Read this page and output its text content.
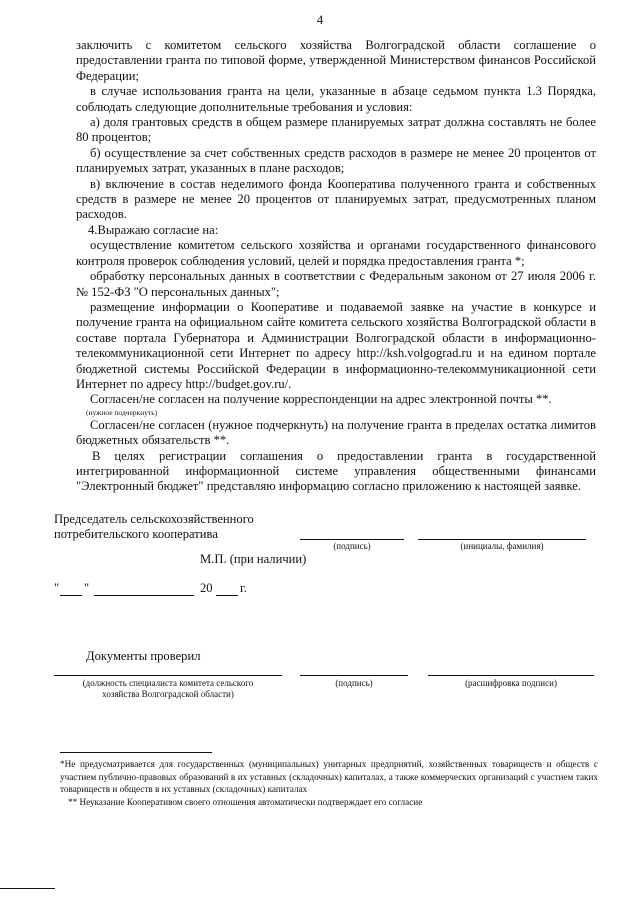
4

заключить с комитетом сельского хозяйства Волгоградской области соглашение о предоставлении гранта по типовой форме, утвержденной Министерством финансов Российской Федерации;

в случае использования гранта на цели, указанные в абзаце седьмом пункта 1.3 Порядка, соблюдать следующие дополнительные требования и условия:

а) доля грантовых средств в общем размере планируемых затрат должна составлять не более 80 процентов;

б) осуществление за счет собственных средств расходов в размере не менее 20 процентов от планируемых затрат, указанных в плане расходов;

в) включение в состав неделимого фонда Кооператива полученного гранта и собственных средств в размере не менее 20 процентов от планируемых затрат, предусмотренных планом расходов.

4.Выражаю согласие на:

осуществление комитетом сельского хозяйства и органами государственного финансового контроля проверок соблюдения условий, целей и порядка предоставления гранта *;

обработку персональных данных в соответствии с Федеральным законом от 27 июля 2006 г. № 152-ФЗ "О персональных данных";

размещение информации о Кооперативе и подаваемой заявке на участие в конкурсе и получение гранта на официальном сайте комитета сельского хозяйства Волгоградской области в составе портала Губернатора и Администрации Волгоградской области в информационно-телекоммуникационной сети Интернет по адресу http://ksh.volgograd.ru и на едином портале бюджетной системы Российской Федерации в информационно-телекоммуникационной сети Интернет по адресу http://budget.gov.ru/.

Согласен/не согласен на получение корреспонденции на адрес электронной почты **.

(нужное подчеркнуть)

Согласен/не согласен (нужное подчеркнуть) на получение гранта в пределах остатка лимитов бюджетных обязательств **.

В целях регистрации соглашения о предоставлении гранта в государственной интегрированной информационной системе управления общественными финансами "Электронный бюджет" представляю информацию согласно приложению к настоящей заявке.

Председатель сельскохозяйственного
потребительского кооператива
(подпись)	(инициалы, фамилия)
М.П. (при наличии)
" "	20 г.
Документы проверил
(должность специалиста комитета сельского
хозяйства Волгоградской области)
(подпись)	(расшифровка подписи)

*Не предусматривается для государственных (муниципальных) унитарных предприятий, хозяйственных товариществ и обществ с участием публично-правовых образований в их уставных (складочных) капиталах, а также коммерческих организаций с участием таких товариществ и обществ в их уставных (складочных) капиталах

** Неуказание Кооперативом своего отношения автоматически подтверждает его согласие
